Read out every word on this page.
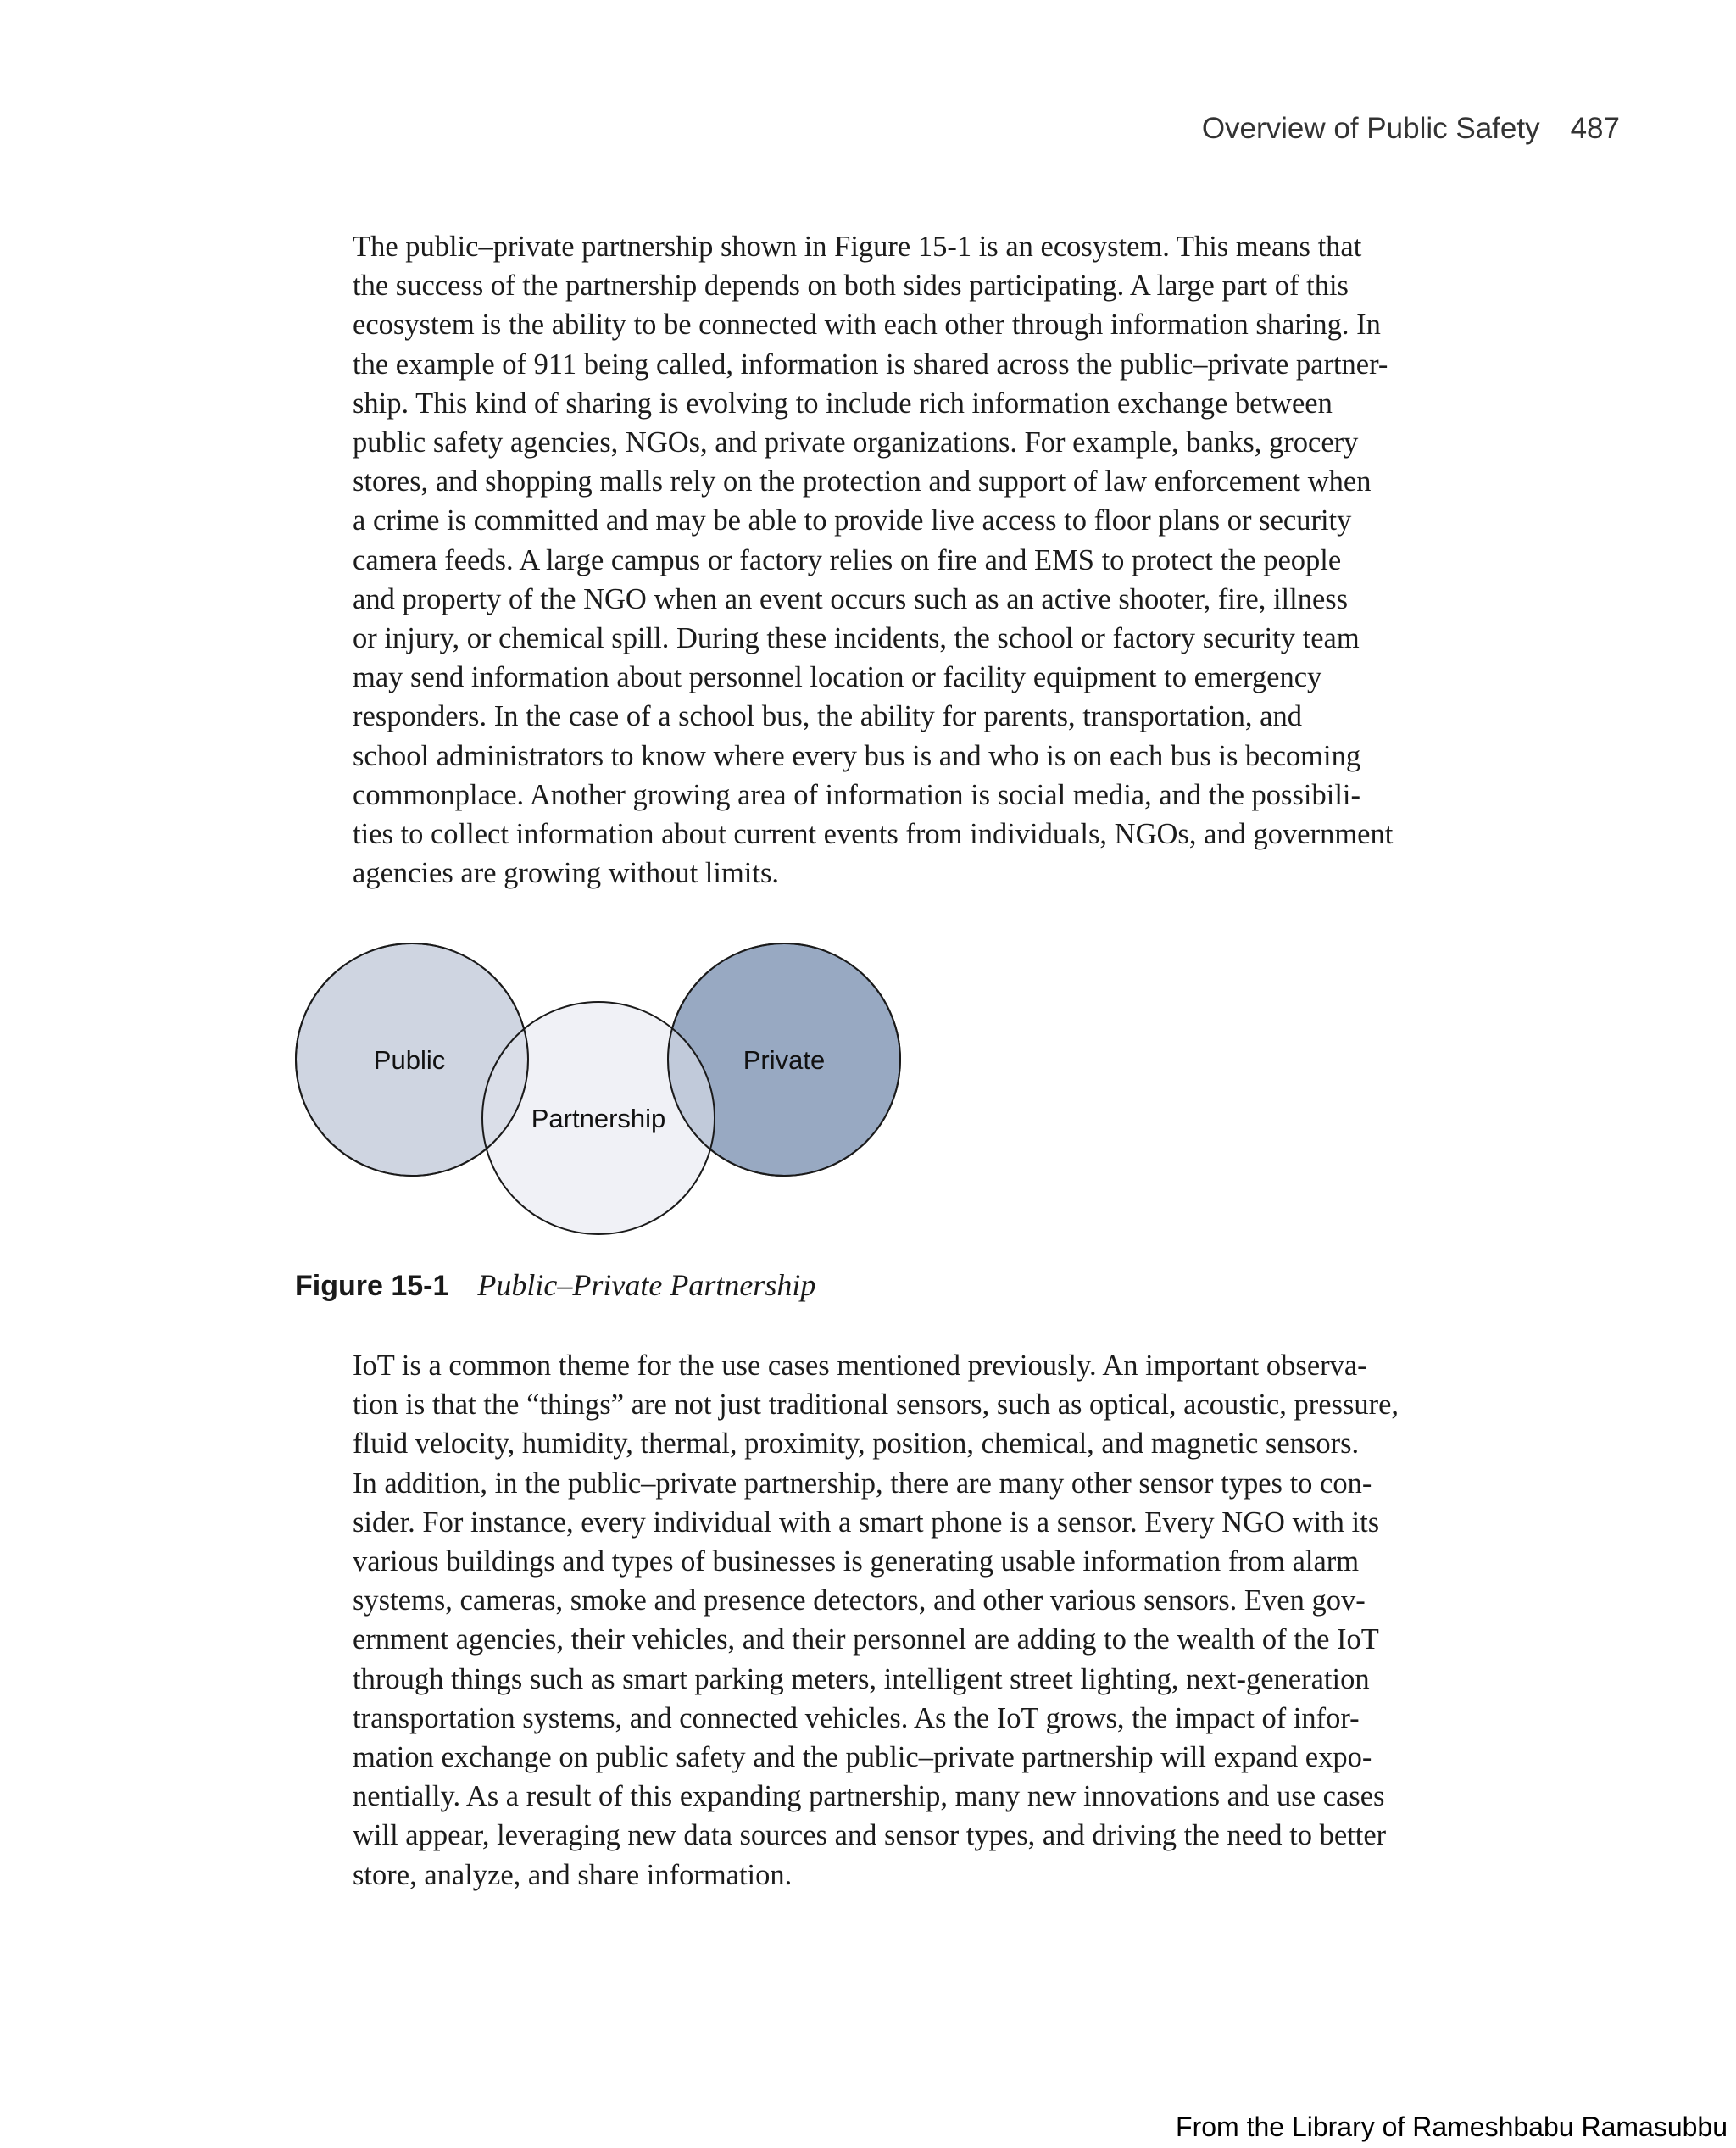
Overview of Public Safety 487
The public–private partnership shown in Figure 15-1 is an ecosystem. This means that
the success of the partnership depends on both sides participating. A large part of this
ecosystem is the ability to be connected with each other through information sharing. In
the example of 911 being called, information is shared across the public–private partner-
ship. This kind of sharing is evolving to include rich information exchange between
public safety agencies, NGOs, and private organizations. For example, banks, grocery
stores, and shopping malls rely on the protection and support of law enforcement when
a crime is committed and may be able to provide live access to floor plans or security
camera feeds. A large campus or factory relies on fire and EMS to protect the people
and property of the NGO when an event occurs such as an active shooter, fire, illness
or injury, or chemical spill. During these incidents, the school or factory security team
may send information about personnel location or facility equipment to emergency
responders. In the case of a school bus, the ability for parents, transportation, and
school administrators to know where every bus is and who is on each bus is becoming
commonplace. Another growing area of information is social media, and the possibili-
ties to collect information about current events from individuals, NGOs, and government
agencies are growing without limits.
Public	Private
Partnership
Figure 15-1 Public–Private Partnership
IoT is a common theme for the use cases mentioned previously. An important observa-
tion is that the “things” are not just traditional sensors, such as optical, acoustic, pressure,
fluid velocity, humidity, thermal, proximity, position, chemical, and magnetic sensors.
In addition, in the public–private partnership, there are many other sensor types to con-
sider. For instance, every individual with a smart phone is a sensor. Every NGO with its
various buildings and types of businesses is generating usable information from alarm
systems, cameras, smoke and presence detectors, and other various sensors. Even gov-
ernment agencies, their vehicles, and their personnel are adding to the wealth of the IoT
through things such as smart parking meters, intelligent street lighting, next-generation
transportation systems, and connected vehicles. As the IoT grows, the impact of infor-
mation exchange on public safety and the public–private partnership will expand expo-
nentially. As a result of this expanding partnership, many new innovations and use cases
will appear, leveraging new data sources and sensor types, and driving the need to better
store, analyze, and share information.
From the Library of Rameshbabu Ramasubbu
